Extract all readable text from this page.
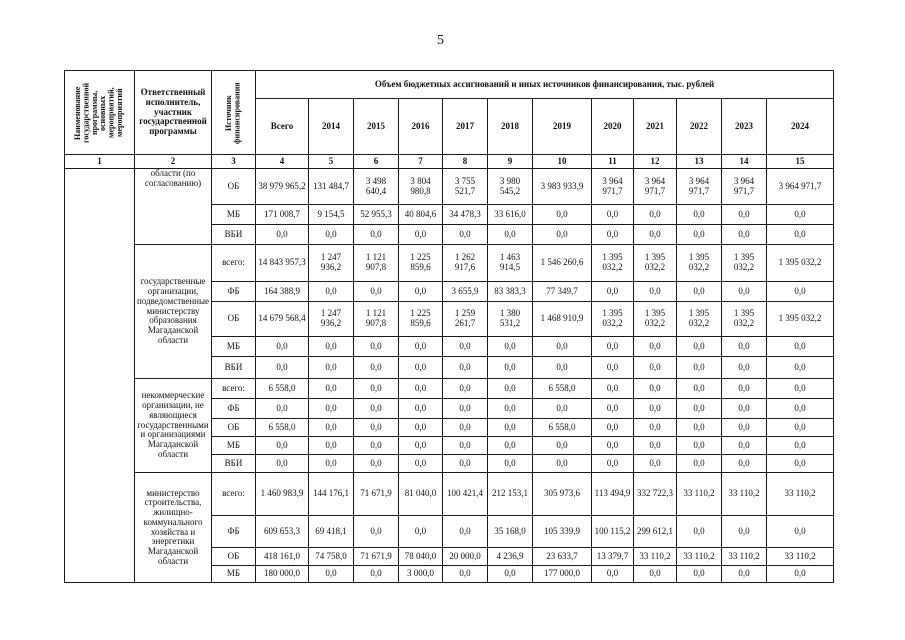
5
Наименование государственной программы, основных мероприятий, мероприятий	Ответственный исполнитель, участник государственной программы	Источник финансирования	Объем бюджетных ассигнований и иных источников финансирования, тыс. рублей											
			Всего	2014	2015	2016	2017	2018	2019	2020	2021	2022	2023	2024
1	2	3	4	5	6	7	8	9	10	11	12	13	14	15
	области (по согласованию)	ОБ	38 979 965,2	131 484,7	3 498 640,4	3 804 980,8	3 755 521,7	3 980 545,2	3 983 933,9	3 964 971,7	3 964 971,7	3 964 971,7	3 964 971,7	3 964 971,7
		МБ	171 008,7	9 154,5	52 955,3	40 804,6	34 478,3	33 616,0	0,0	0,0	0,0	0,0	0,0	0,0
		ВБИ	0,0	0,0	0,0	0,0	0,0	0,0	0,0	0,0	0,0	0,0	0,0	0,0
	государственные организации, подведомственные министерству образования Магаданской области	всего:	14 843 957,3	1 247 936,2	1 121 907,8	1 225 859,6	1 262 917,6	1 463 914,5	1 546 260,6	1 395 032,2	1 395 032,2	1 395 032,2	1 395 032,2	1 395 032,2
		ФБ	164 388,9	0,0	0,0	0,0	3 655,9	83 383,3	77 349,7	0,0	0,0	0,0	0,0	0,0
		ОБ	14 679 568,4	1 247 936,2	1 121 907,8	1 225 859,6	1 259 261,7	1 380 531,2	1 468 910,9	1 395 032,2	1 395 032,2	1 395 032,2	1 395 032,2	1 395 032,2
		МБ	0,0	0,0	0,0	0,0	0,0	0,0	0,0	0,0	0,0	0,0	0,0	0,0
		ВБИ	0,0	0,0	0,0	0,0	0,0	0,0	0,0	0,0	0,0	0,0	0,0	0,0
	некоммерческие организации, не являющиеся государственными и организациями Магаданской области	всего:	6 558,0	0,0	0,0	0,0	0,0	0,0	6 558,0	0,0	0,0	0,0	0,0	0,0
		ФБ	0,0	0,0	0,0	0,0	0,0	0,0	0,0	0,0	0,0	0,0	0,0	0,0
		ОБ	6 558,0	0,0	0,0	0,0	0,0	0,0	6 558,0	0,0	0,0	0,0	0,0	0,0
		МБ	0,0	0,0	0,0	0,0	0,0	0,0	0,0	0,0	0,0	0,0	0,0	0,0
		ВБИ	0,0	0,0	0,0	0,0	0,0	0,0	0,0	0,0	0,0	0,0	0,0	0,0
	министерство строительства, жилищно-коммунального хозяйства и энергетики Магаданской области	всего:	1 460 983,9	144 176,1	71 671,9	81 040,0	100 421,4	212 153,1	305 973,6	113 494,9	332 722,3	33 110,2	33 110,2	33 110,2
		ФБ	609 653,3	69 418,1	0,0	0,0	0,0	35 168,0	105 339,9	100 115,2	299 612,1	0,0	0,0	0,0
		ОБ	418 161,0	74 758,0	71 671,9	78 040,0	20 000,0	4 236,9	23 633,7	13 379,7	33 110,2	33 110,2	33 110,2	33 110,2
		МБ	180 000,0	0,0	0,0	3 000,0	0,0	0,0	177 000,0	0,0	0,0	0,0	0,0	0,0
